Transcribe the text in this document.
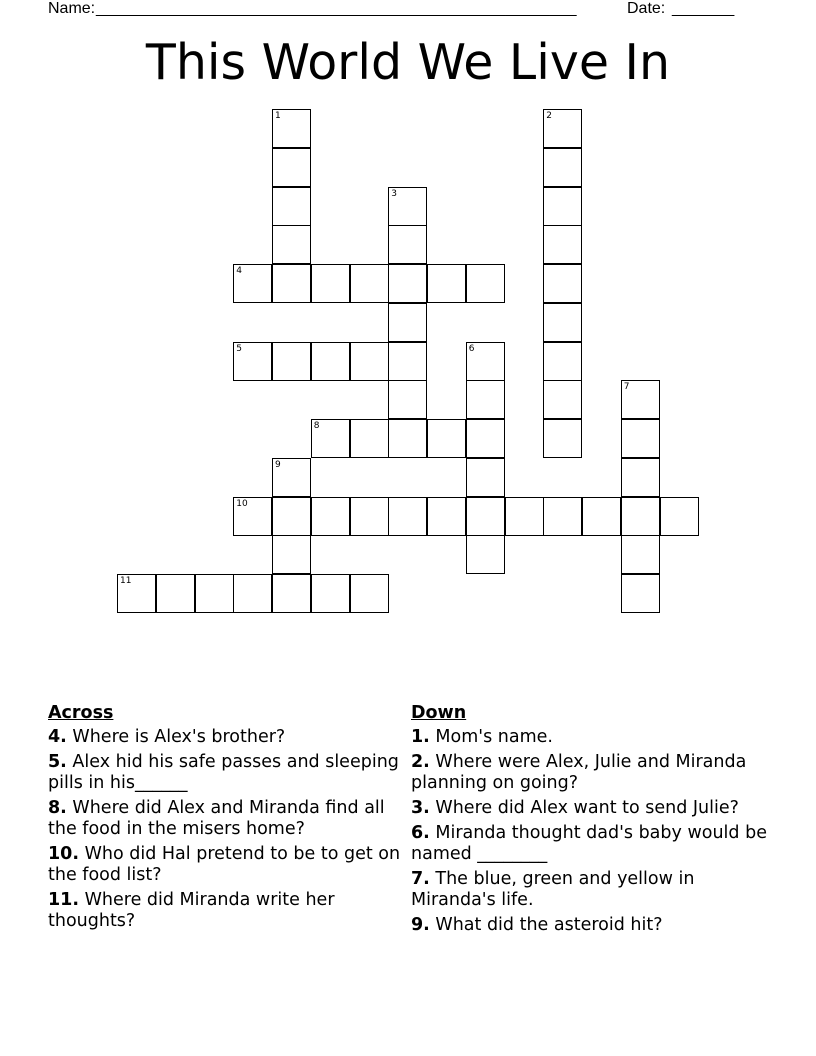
Name: ______________________________________________________	Date: _______
This World We Live In
1	2
3
4
5	6
7
8
9
10
11
Across
4. Where is Alex's brother?
5. Alex hid his safe passes and sleeping pills in his______
8. Where did Alex and Miranda find all the food in the misers home?
10. Who did Hal pretend to be to get on the food list?
11. Where did Miranda write her thoughts?
Down
1. Mom's name.
2. Where were Alex, Julie and Miranda planning on going?
3. Where did Alex want to send Julie?
6. Miranda thought dad's baby would be named ________
7. The blue, green and yellow in Miranda's life.
9. What did the asteroid hit?
